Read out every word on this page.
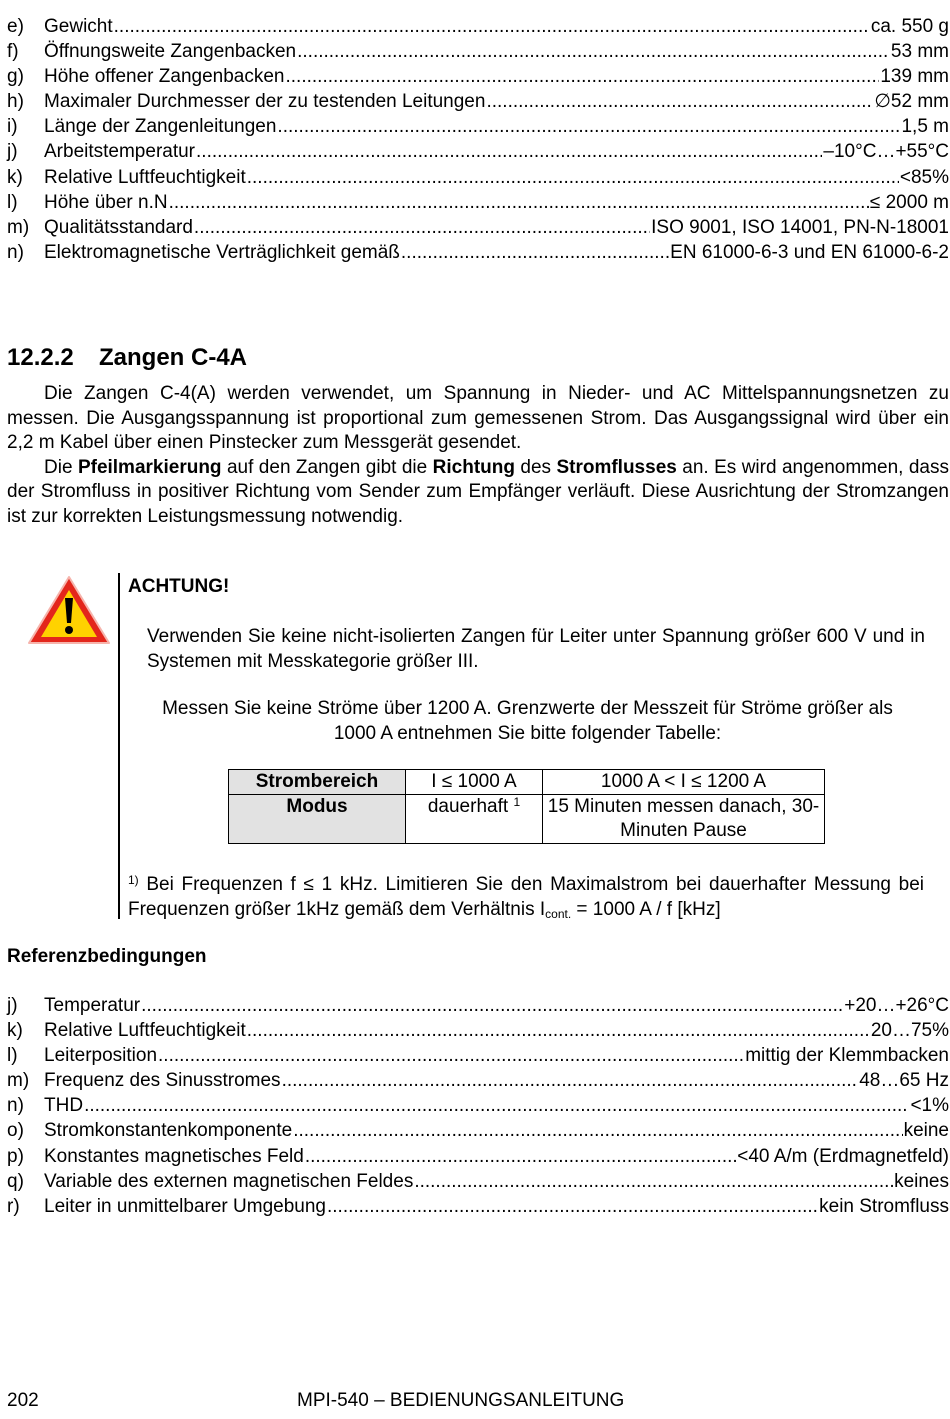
e)	Gewicht .....	ca. 550 g
f)	Öffnungsweite Zangenbacken .....	53 mm
g)	Höhe offener Zangenbacken .....	139 mm
h)	Maximaler Durchmesser der zu testenden Leitungen .....	∅52 mm
i)	Länge der Zangenleitungen .....	1,5 m
j)	Arbeitstemperatur .....	–10°C…+55°C
k)	Relative Luftfeuchtigkeit .....	<85%
l)	Höhe über n.N .....	≤ 2000 m
m) Qualitätsstandard .....	ISO 9001, ISO 14001, PN-N-18001
n)	Elektromagnetische Verträglichkeit gemäß .....	EN 61000-6-3 und EN 61000-6-2
12.2.2 Zangen C-4A

Die Zangen C-4(A) werden verwendet, um Spannung in Nieder- und AC Mittelspannungsnetzen zu messen. Die Ausgangsspannung ist proportional zum gemessenen Strom. Das Ausgangssignal wird über ein 2,2 m Kabel über einen Pinstecker zum Messgerät gesendet.

Die Pfeilmarkierung auf den Zangen gibt die Richtung des Stromflusses an. Es wird angenommen, dass der Stromfluss in positiver Richtung vom Sender zum Empfänger verläuft. Diese Ausrichtung der Stromzangen ist zur korrekten Leistungsmessung notwendig.

ACHTUNG!
Verwenden Sie keine nicht-isolierten Zangen für Leiter unter Spannung größer 600 V und in Systemen mit Messkategorie größer III.
Messen Sie keine Ströme über 1200 A. Grenzwerte der Messzeit für Ströme größer als 1000 A entnehmen Sie bitte folgender Tabelle:
Strombereich	I ≤ 1000 A	1000 A < I ≤ 1200 A
Modus	dauerhaft $^1$	15 Minuten messen danach, 30-Minuten Pause
$^{1)}$ Bei Frequenzen f ≤ 1 kHz. Limitieren Sie den Maximalstrom bei dauerhafter Messung bei Frequenzen größer 1kHz gemäß dem Verhältnis $I_{cont.} = 1000$ A / f [kHz]
Referenzbedingungen
j)	Temperatur .....	+20…+26°C
k)	Relative Luftfeuchtigkeit .....	20…75%
l)	Leiterposition .....	mittig der Klemmbacken
m) Frequenz des Sinusstromes .....	48…65 Hz
n)	THD .....	<1%
o)	Stromkonstantenkomponente .....	keine
p)	Konstantes magnetisches Feld .....	<40 A/m (Erdmagnetfeld)
q)	Variable des externen magnetischen Feldes .....	keines
r)	Leiter in unmittelbarer Umgebung .....	kein Stromfluss
202	MPI-540 – BEDIENUNGSANLEITUNG
